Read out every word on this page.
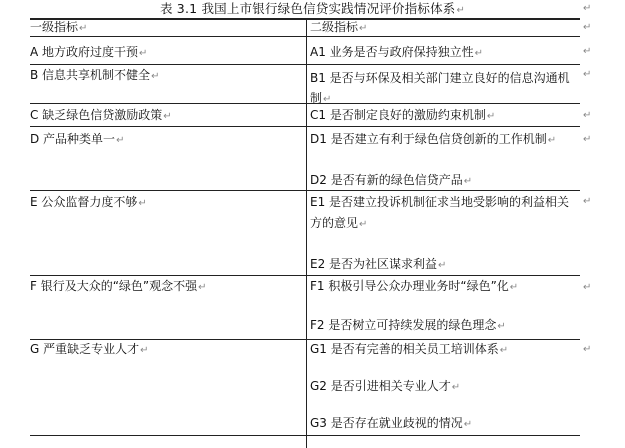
表 3.1 我国上市银行绿色信贷实践情况评价指标体系↵
一级指标↵	二级指标↵
A 地方政府过度干预↵	A1 业务是否与政府保持独立性↵
B 信息共享机制不健全↵	B1 是否与环保及相关部门建立良好的信息沟通机制↵
C 缺乏绿色信贷激励政策↵	C1 是否制定良好的激励约束机制↵
D 产品种类单一↵	D1 是否建立有利于绿色信贷创新的工作机制↵
D2 是否有新的绿色信贷产品↵
E 公众监督力度不够↵	E1 是否建立投诉机制征求当地受影响的利益相关方的意见↵
E2 是否为社区谋求利益↵
F 银行及大众的“绿色”观念不强↵	F1 积极引导公众办理业务时“绿色”化↵
F2 是否树立可持续发展的绿色理念↵
G 严重缺乏专业人才↵	G1 是否有完善的相关员工培训体系↵
G2 是否引进相关专业人才↵
G3 是否存在就业歧视的情况↵
↵
↵
↵
↵
↵
↵
↵
↵
↵
